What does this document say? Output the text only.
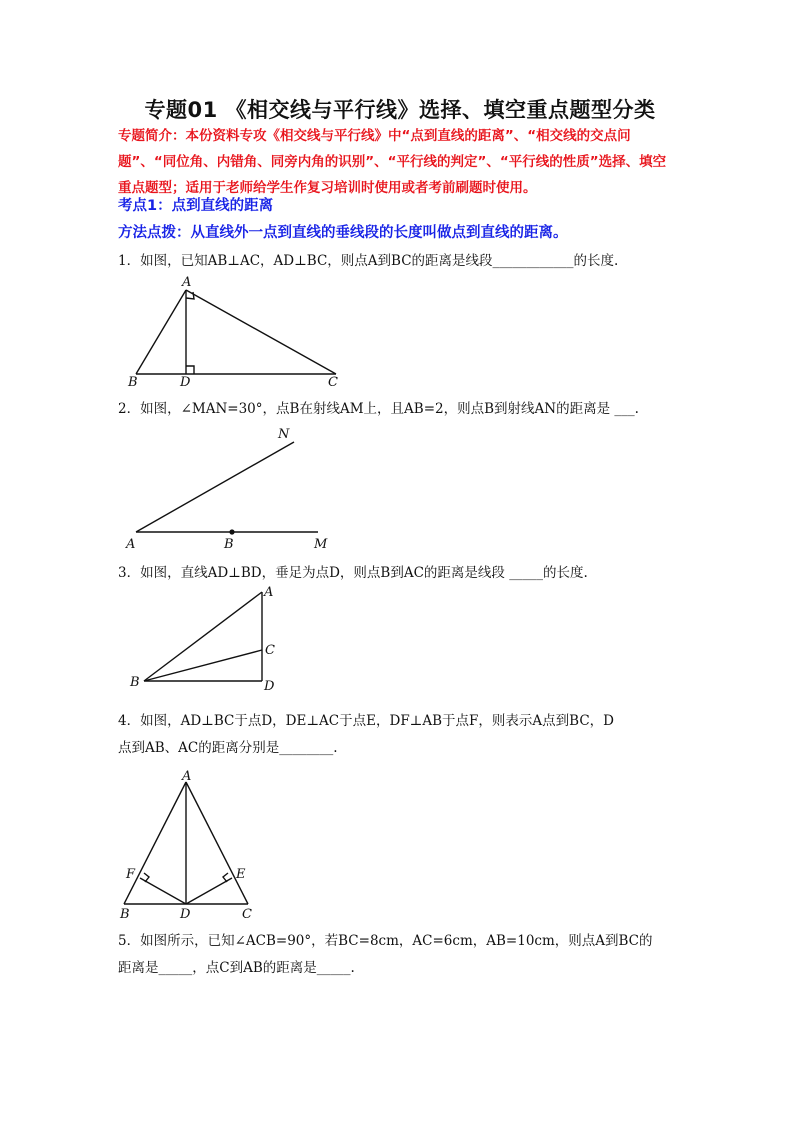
专题01 《相交线与平行线》选择、填空重点题型分类
专题简介：本份资料专攻《相交线与平行线》中“点到直线的距离”、“相交线的交点问题”、“同位角、内错角、同旁内角的识别”、“平行线的判定”、“平行线的性质”选择、填空重点题型；适用于老师给学生作复习培训时使用或者考前刷题时使用。
考点1：点到直线的距离
方法点拨：从直线外一点到直线的垂线段的长度叫做点到直线的距离。
1．如图，已知AB⊥AC，AD⊥BC，则点A到BC的距离是线段____________的长度.
A
B	D	C
2．如图，∠MAN=30°，点B在射线AM上，且AB=2，则点B到射线AN的距离是 ___.
N
A	B	M
3．如图，直线AD⊥BD，垂足为点D，则点B到AC的距离是线段 _____的长度.
A
C
B	D
4．如图，AD⊥BC于点D，DE⊥AC于点E，DF⊥AB于点F，则表示A点到BC，D
点到AB、AC的距离分别是________.
A
F	E
B	D	C
5．如图所示，已知∠ACB=90°，若BC=8cm，AC=6cm，AB=10cm，则点A到BC的
距离是_____，点C到AB的距离是_____.
